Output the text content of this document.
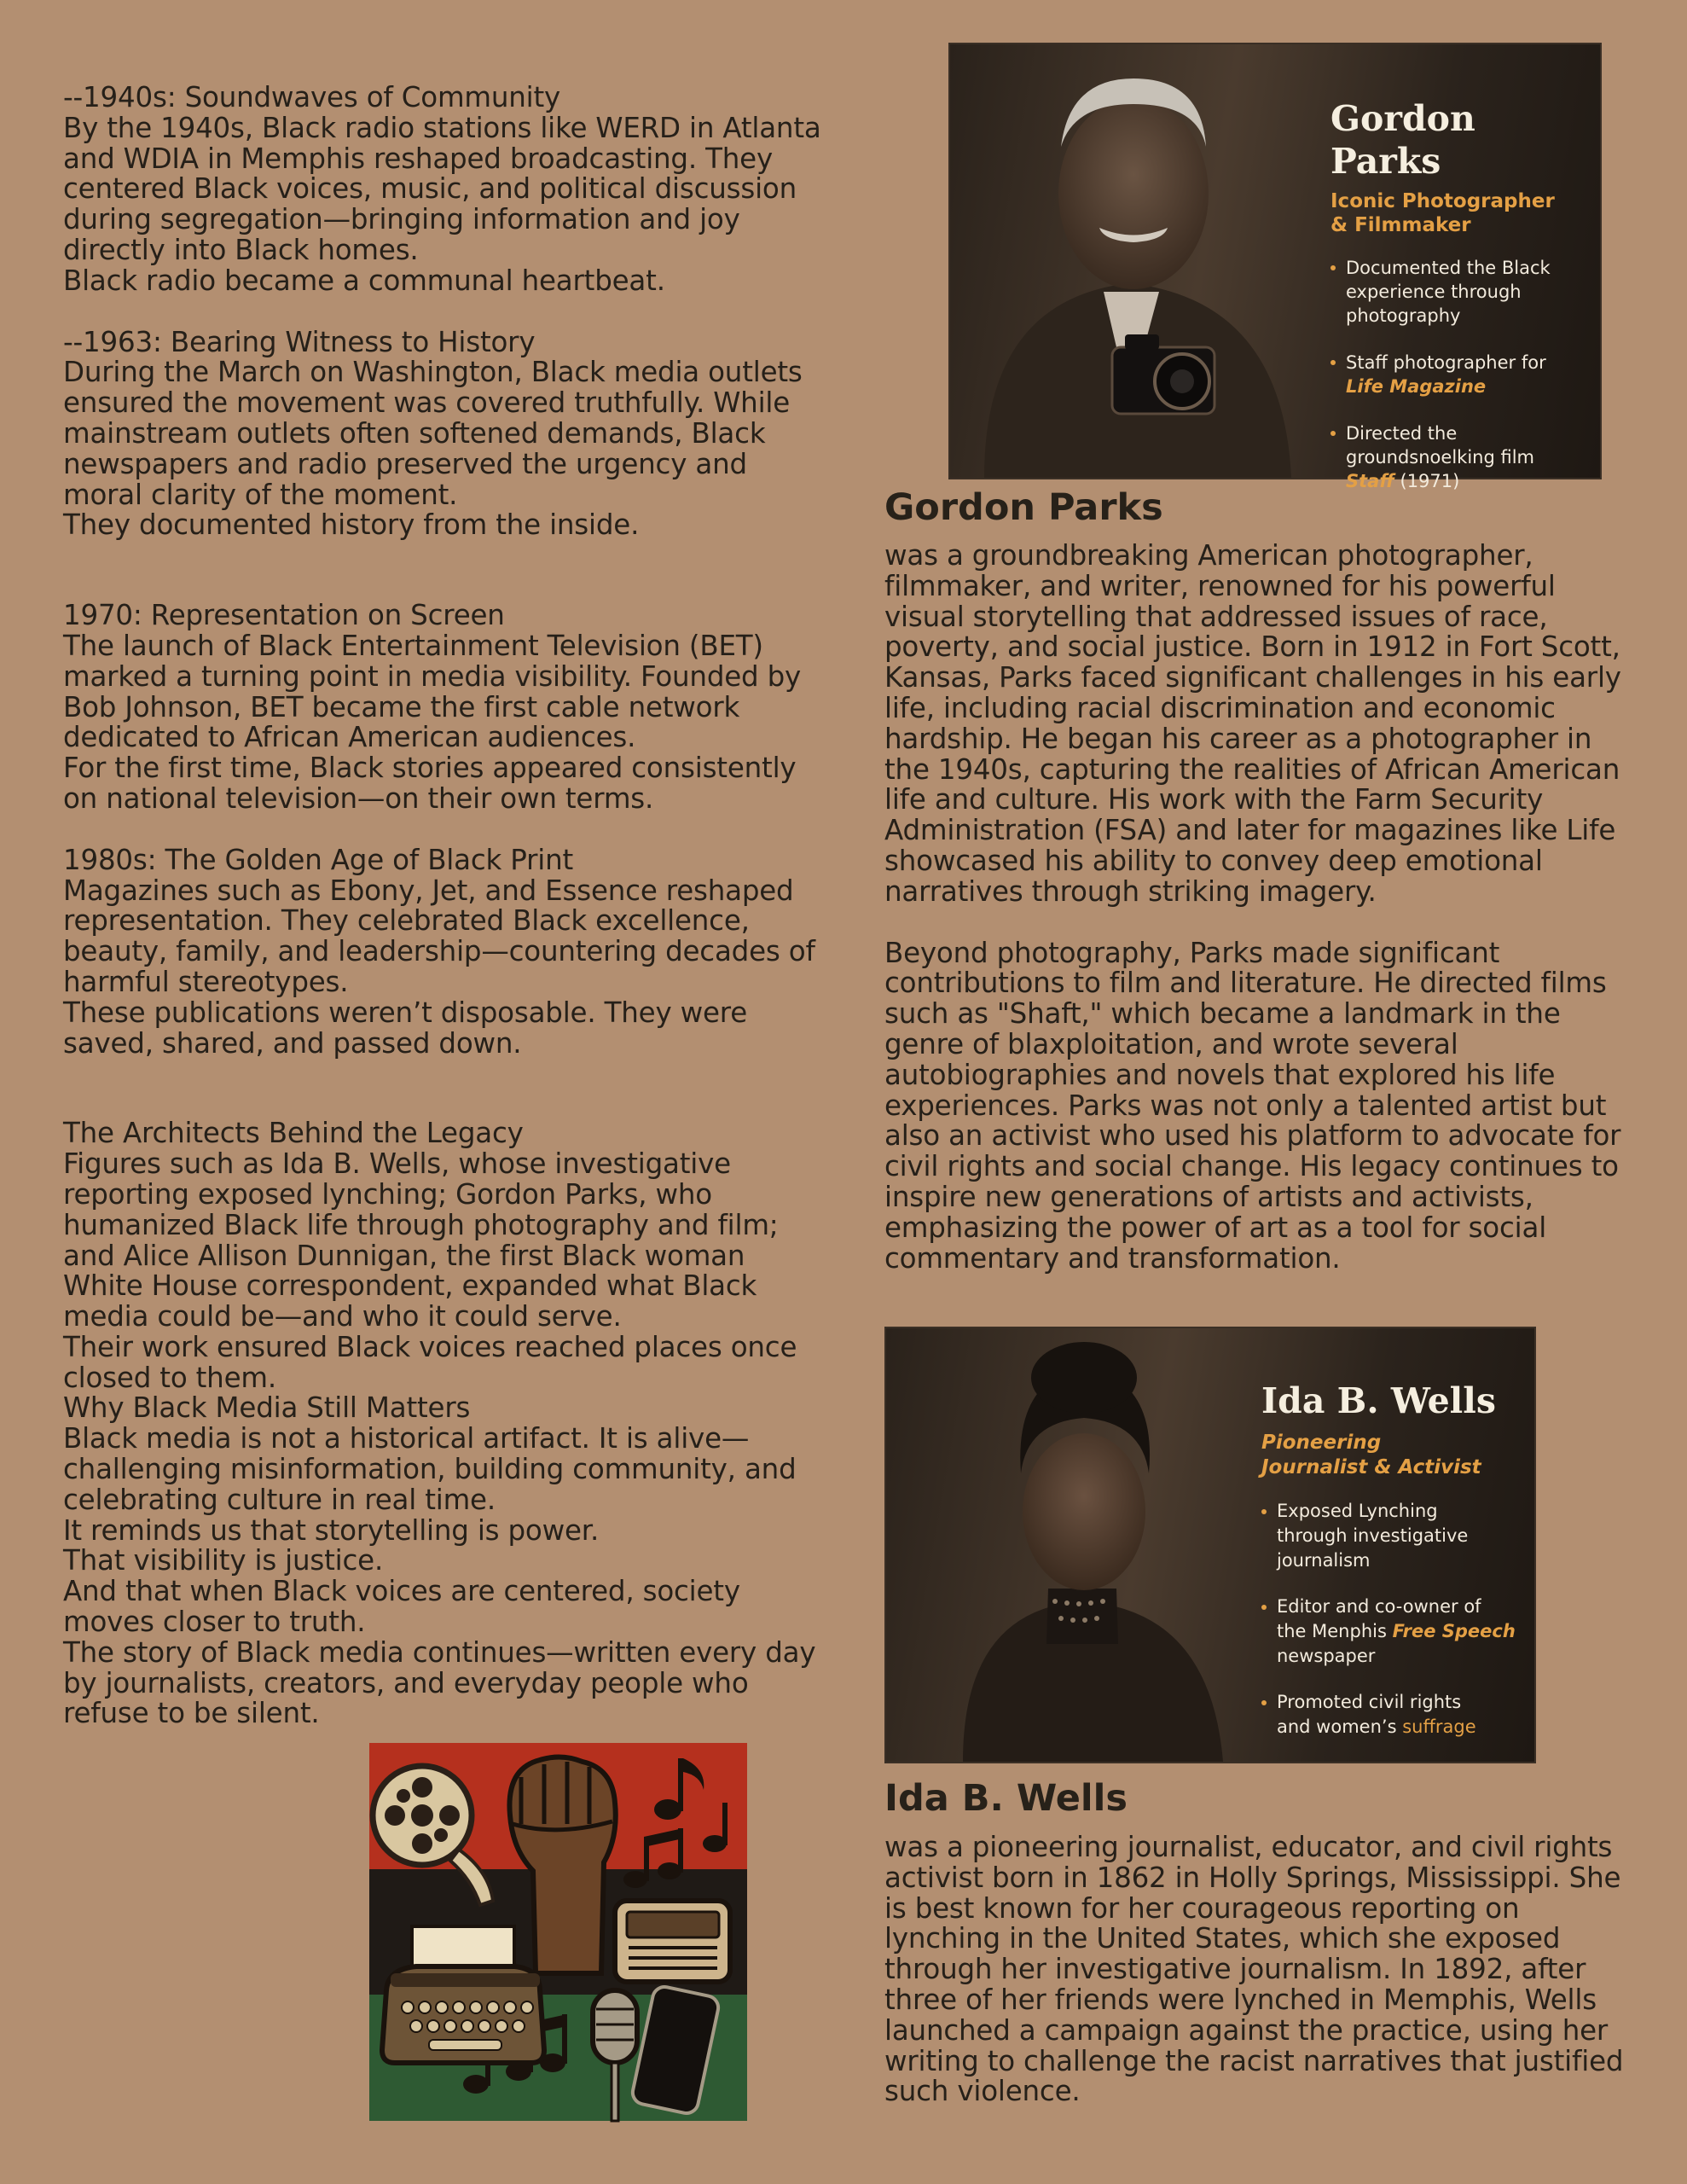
--1940s: Soundwaves of Community

By the 1940s, Black radio stations like WERD in Atlanta and WDIA in Memphis reshaped broadcasting. They centered Black voices, music, and political discussion during segregation—bringing information and joy directly into Black homes.

Black radio became a communal heartbeat.

--1963: Bearing Witness to History

During the March on Washington, Black media outlets ensured the movement was covered truthfully. While mainstream outlets often softened demands, Black newspapers and radio preserved the urgency and moral clarity of the moment.

They documented history from the inside.

1970: Representation on Screen

The launch of Black Entertainment Television (BET) marked a turning point in media visibility. Founded by Bob Johnson, BET became the first cable network dedicated to African American audiences.

For the first time, Black stories appeared consistently on national television—on their own terms.

1980s: The Golden Age of Black Print

Magazines such as Ebony, Jet, and Essence reshaped representation. They celebrated Black excellence, beauty, family, and leadership—countering decades of harmful stereotypes.

These publications weren’t disposable. They were saved, shared, and passed down.

The Architects Behind the Legacy

Figures such as Ida B. Wells, whose investigative reporting exposed lynching; Gordon Parks, who humanized Black life through photography and film; and Alice Allison Dunnigan, the first Black woman White House correspondent, expanded what Black media could be—and who it could serve.

Their work ensured Black voices reached places once closed to them.

Why Black Media Still Matters

Black media is not a historical artifact. It is alive—challenging misinformation, building community, and celebrating culture in real time.

It reminds us that storytelling is power.

That visibility is justice.

And that when Black voices are centered, society moves closer to truth.

The story of Black media continues—written every day by journalists, creators, and everyday people who refuse to be silent.

Gordon Parks

Iconic Photographer
& Filmmaker

Documented the Black
experience through
photography
Staff photographer for
Life Magazine
Directed the
groundsnoelking film
Staff (1971)

Ida B. Wells

Pioneering
Journalist & Activist

Exposed Lynching
through investigative
journalism
Editor and co-owner of
the Menphis Free Speech
newspaper
Promoted civil rights
and women’s suffrage
Gordon Parks

was a groundbreaking American photographer, filmmaker, and writer, renowned for his powerful visual storytelling that addressed issues of race, poverty, and social justice. Born in 1912 in Fort Scott, Kansas, Parks faced significant challenges in his early life, including racial discrimination and economic hardship. He began his career as a photographer in the 1940s, capturing the realities of African American life and culture. His work with the Farm Security Administration (FSA) and later for magazines like Life showcased his ability to convey deep emotional narratives through striking imagery.

Beyond photography, Parks made significant contributions to film and literature. He directed films such as "Shaft," which became a landmark in the genre of blaxploitation, and wrote several autobiographies and novels that explored his life experiences. Parks was not only a talented artist but also an activist who used his platform to advocate for civil rights and social change. His legacy continues to inspire new generations of artists and activists, emphasizing the power of art as a tool for social commentary and transformation.

Ida B. Wells

was a pioneering journalist, educator, and civil rights activist born in 1862 in Holly Springs, Mississippi. She is best known for her courageous reporting on lynching in the United States, which she exposed through her investigative journalism. In 1892, after three of her friends were lynched in Memphis, Wells launched a campaign against the practice, using her writing to challenge the racist narratives that justified such violence.
